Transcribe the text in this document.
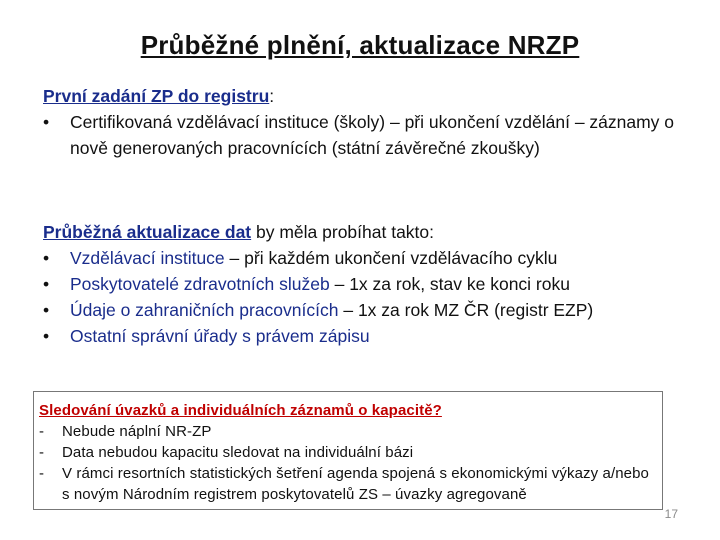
Průběžné plnění, aktualizace NRZP
První zadání ZP do registru:
• Certifikovaná vzdělávací instituce (školy) – při ukončení vzdělání – záznamy o nově generovaných pracovnících (státní závěrečné zkoušky)
Průběžná aktualizace dat by měla probíhat takto:
• Vzdělávací instituce – při každém ukončení vzdělávacího cyklu
• Poskytovatelé zdravotních služeb – 1x za rok, stav ke konci roku
• Údaje o zahraničních pracovnících – 1x za rok MZ ČR (registr EZP)
• Ostatní správní úřady s právem zápisu
Sledování úvazků a individuálních záznamů o kapacitě?
- Nebude náplní NR-ZP
- Data nebudou kapacitu sledovat na individuální bázi
- V rámci resortních statistických šetření agenda spojená s ekonomickými výkazy a/nebo s novým Národním registrem poskytovatelů ZS – úvazky agregovaně
17
